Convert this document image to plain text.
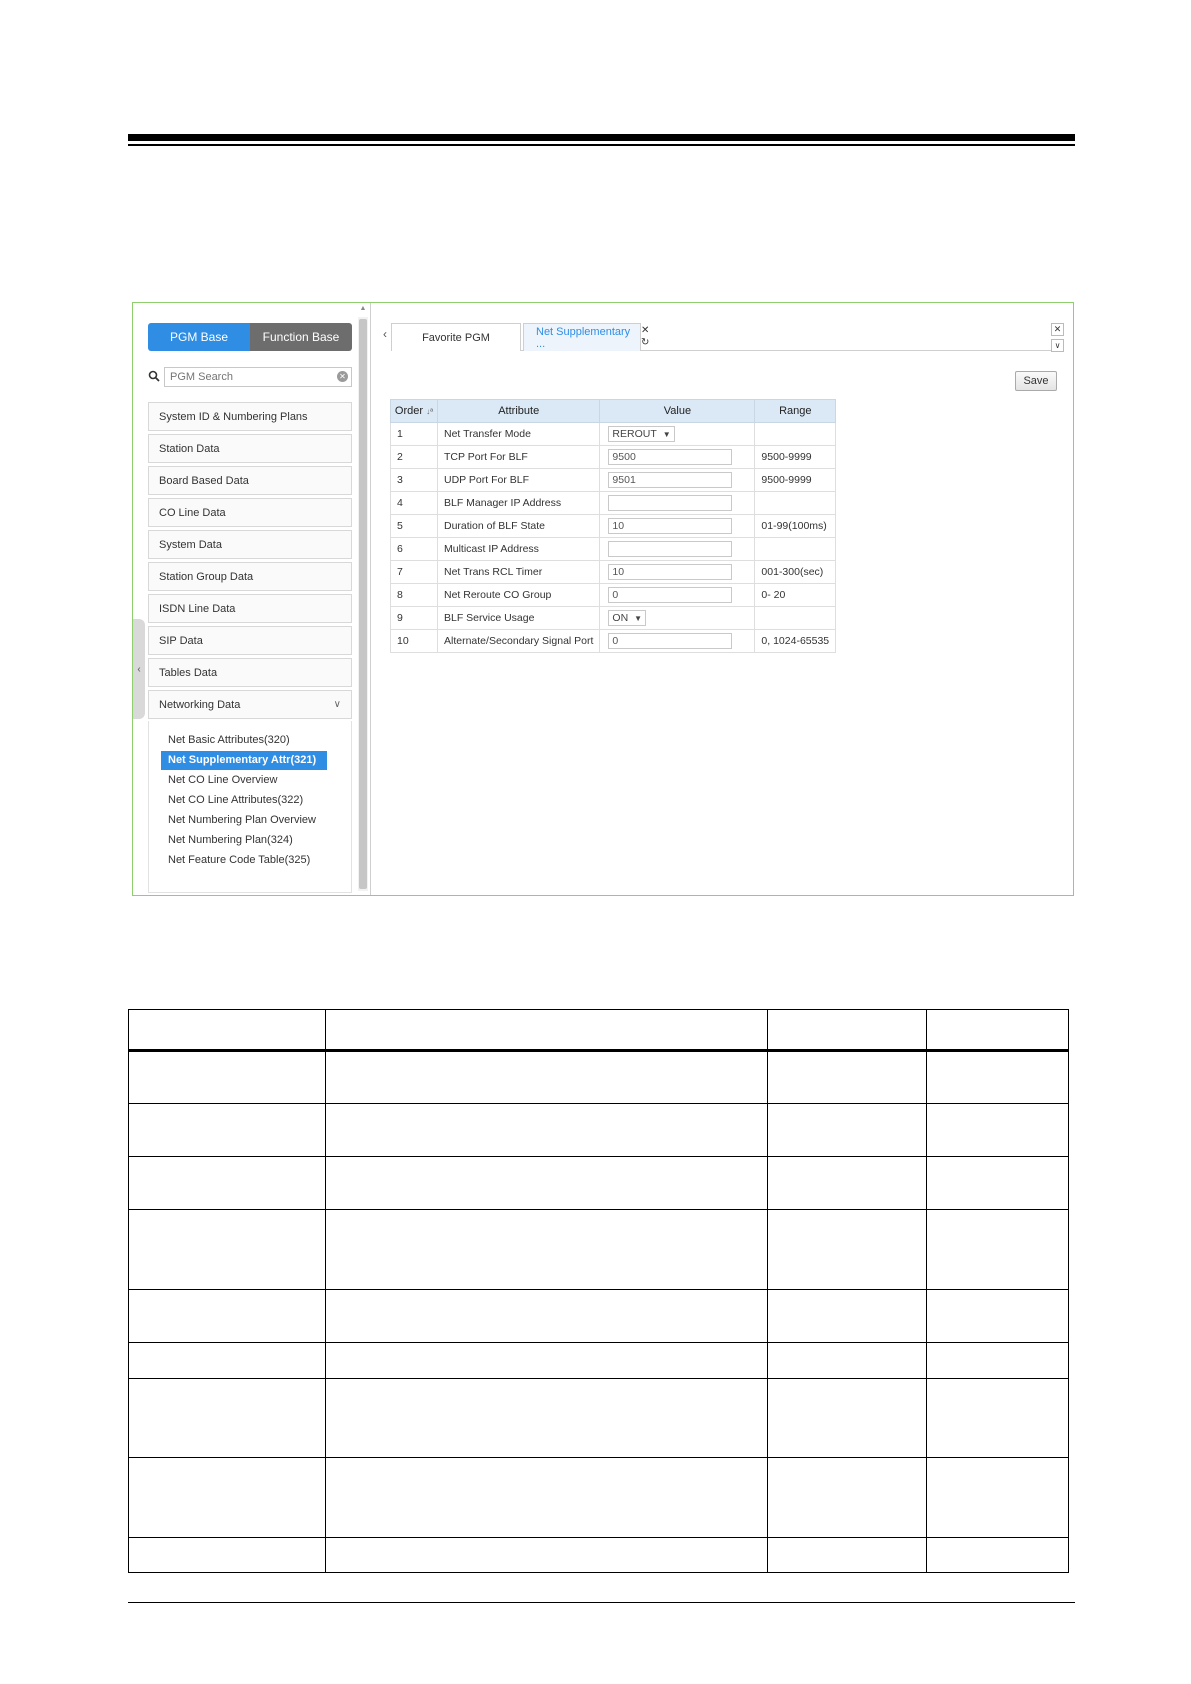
PGM Base	Function Base
PGM Search
✕
System ID & Numbering Plans
Station Data
Board Based Data
CO Line Data
System Data
Station Group Data
ISDN Line Data
SIP Data
Tables Data
Networking Data	∨
Net Basic Attributes(320)
Net Supplementary Attr(321)
Net CO Line Overview
Net CO Line Attributes(322)
Net Numbering Plan Overview
Net Numbering Plan(324)
Net Feature Code Table(325)
▲
‹
‹	Favorite PGM	Net Supplementary ...
✕
↻
✕
∨
Save
Order ↓ª	Attribute	Value	Range
1	Net Transfer Mode	REROUT ▼	
2	TCP Port For BLF	9500	9500-9999
3	UDP Port For BLF	9501	9500-9999
4	BLF Manager IP Address	

5	Duration of BLF State	10	01-99(100ms)
6	Multicast IP Address	

7	Net Trans RCL Timer	10	001-300(sec)
8	Net Reroute CO Group	0	0- 20
9	BLF Service Usage	ON ▼	
10	Alternate/Secondary Signal Port	0	0, 1024-65535
